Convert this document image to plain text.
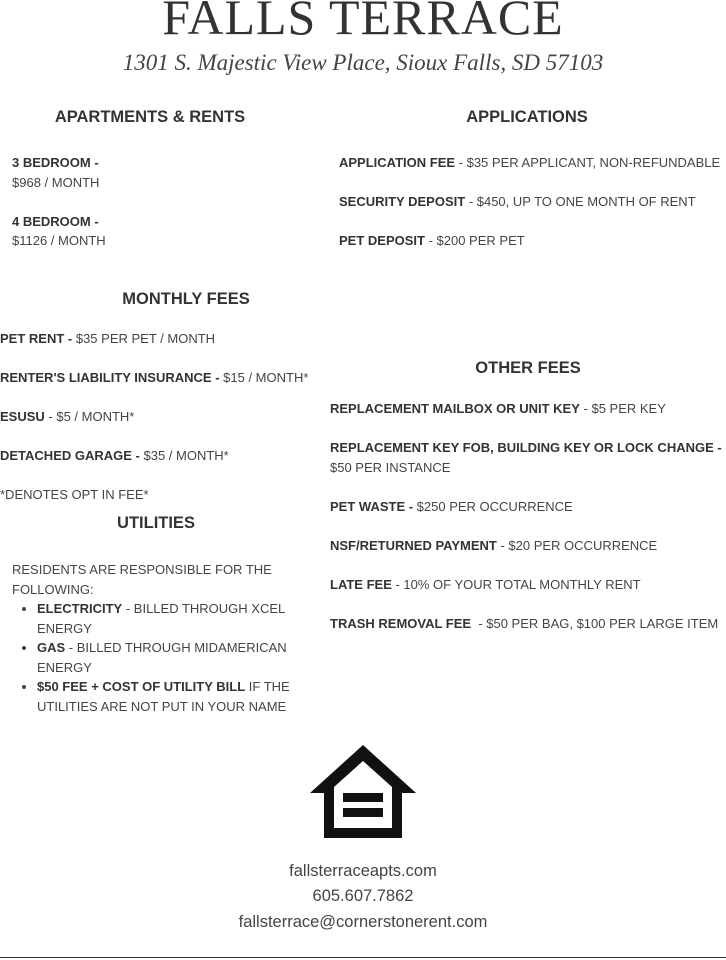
FALLS TERRACE
1301 S. Majestic View Place, Sioux Falls, SD 57103
APARTMENTS & RENTS
3 BEDROOM -
$968 / MONTH
4 BEDROOM -
$1126 / MONTH
APPLICATIONS
APPLICATION FEE - $35 PER APPLICANT, NON-REFUNDABLE
SECURITY DEPOSIT - $450, UP TO ONE MONTH OF RENT
PET DEPOSIT - $200 PER PET
MONTHLY FEES
PET RENT - $35 PER PET / MONTH
RENTER'S LIABILITY INSURANCE - $15 / MONTH*
ESUSU - $5 / MONTH*
DETACHED GARAGE - $35 / MONTH*
*DENOTES OPT IN FEE*
UTILITIES
RESIDENTS ARE RESPONSIBLE FOR THE
FOLLOWING:
• ELECTRICITY - BILLED THROUGH XCEL
ENERGY
• GAS - BILLED THROUGH MIDAMERICAN
ENERGY
• $50 FEE + COST OF UTILITY BILL IF THE
UTILITIES ARE NOT PUT IN YOUR NAME
OTHER FEES
REPLACEMENT MAILBOX OR UNIT KEY - $5 PER KEY
REPLACEMENT KEY FOB, BUILDING KEY OR LOCK CHANGE -
$50 PER INSTANCE
PET WASTE - $250 PER OCCURRENCE
NSF/RETURNED PAYMENT - $20 PER OCCURRENCE
LATE FEE - 10% OF YOUR TOTAL MONTHLY RENT
TRASH REMOVAL FEE  - $50 PER BAG, $100 PER LARGE ITEM
fallsterraceapts.com
605.607.7862
fallsterrace@cornerstonerent.com
